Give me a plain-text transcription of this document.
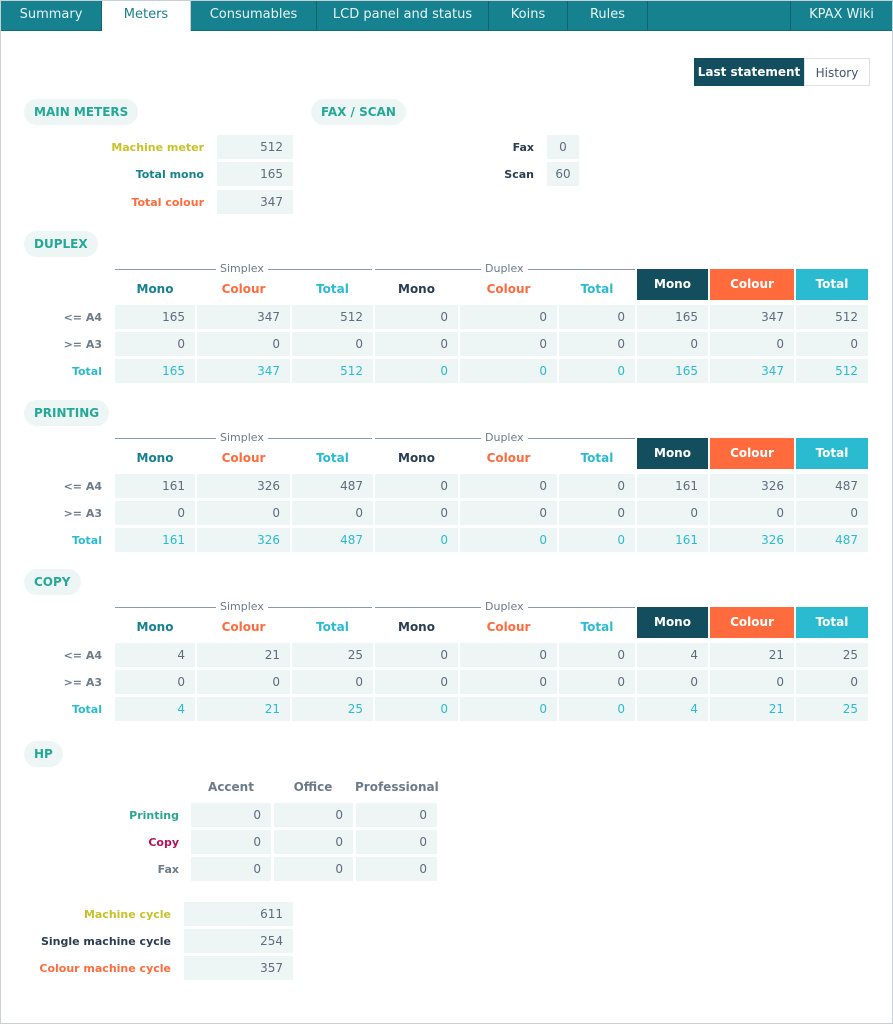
Summary	Meters	Consumables	LCD panel and status	Koins	Rules	KPAX Wiki
Last statement	History
MAIN METERS
Machine meter	512
Total mono	165
Total colour	347
FAX / SCAN
Fax	0
Scan	60
DUPLEX
Simplex	Duplex
Mono	Colour	Total	Mono	Colour	Total	Mono	Colour	Total
<= A4	165	347	512	0	0	0	165	347	512
>= A3	0	0	0	0	0	0	0	0	0
Total	165	347	512	0	0	0	165	347	512
PRINTING
Simplex	Duplex
Mono	Colour	Total	Mono	Colour	Total	Mono	Colour	Total
<= A4	161	326	487	0	0	0	161	326	487
>= A3	0	0	0	0	0	0	0	0	0
Total	161	326	487	0	0	0	161	326	487
COPY
Simplex	Duplex
Mono	Colour	Total	Mono	Colour	Total	Mono	Colour	Total
<= A4	4	21	25	0	0	0	4	21	25
>= A3	0	0	0	0	0	0	0	0	0
Total	4	21	25	0	0	0	4	21	25
HP
Accent	Office	Professional
Printing	0	0	0
Copy	0	0	0
Fax	0	0	0
Machine cycle	611
Single machine cycle	254
Colour machine cycle	357
